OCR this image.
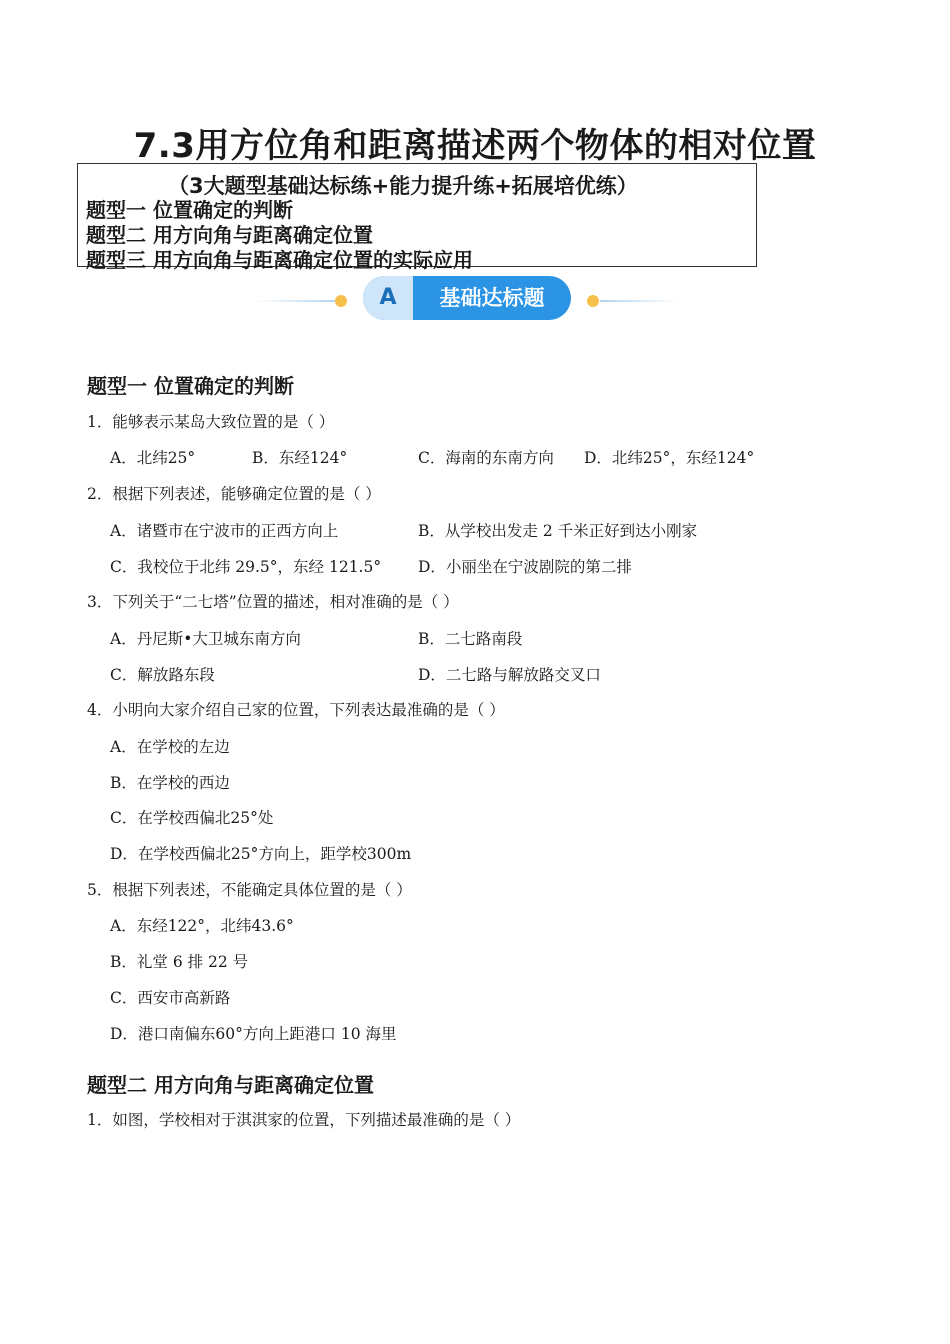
7.3用方位角和距离描述两个物体的相对位置
（3大题型基础达标练+能力提升练+拓展培优练）
题型一 位置确定的判断
题型二 用方向角与距离确定位置
题型三 用方向角与距离确定位置的实际应用
A	基础达标题
题型一 位置确定的判断
1．能够表示某岛大致位置的是（ ）
A．北纬25°	B．东经124°	C．海南的东南方向 D．北纬25°，东经124°
2．根据下列表述，能够确定位置的是（ ）
A．诸暨市在宁波市的正西方向上	B．从学校出发走 2 千米正好到达小刚家
C．我校位于北纬 29.5°，东经 121.5° D．小丽坐在宁波剧院的第二排
3．下列关于“二七塔”位置的描述，相对准确的是（ ）
A．丹尼斯•大卫城东南方向	B．二七路南段
C．解放路东段	D．二七路与解放路交叉口
4．小明向大家介绍自己家的位置，下列表达最准确的是（ ）
A．在学校的左边
B．在学校的西边
C．在学校西偏北25°处
D．在学校西偏北25°方向上，距学校300m
5．根据下列表述，不能确定具体位置的是（ ）
A．东经122°，北纬43.6°
B．礼堂 6 排 22 号
C．西安市高新路
D．港口南偏东60°方向上距港口 10 海里
题型二 用方向角与距离确定位置
1．如图，学校相对于淇淇家的位置，下列描述最准确的是（ ）
